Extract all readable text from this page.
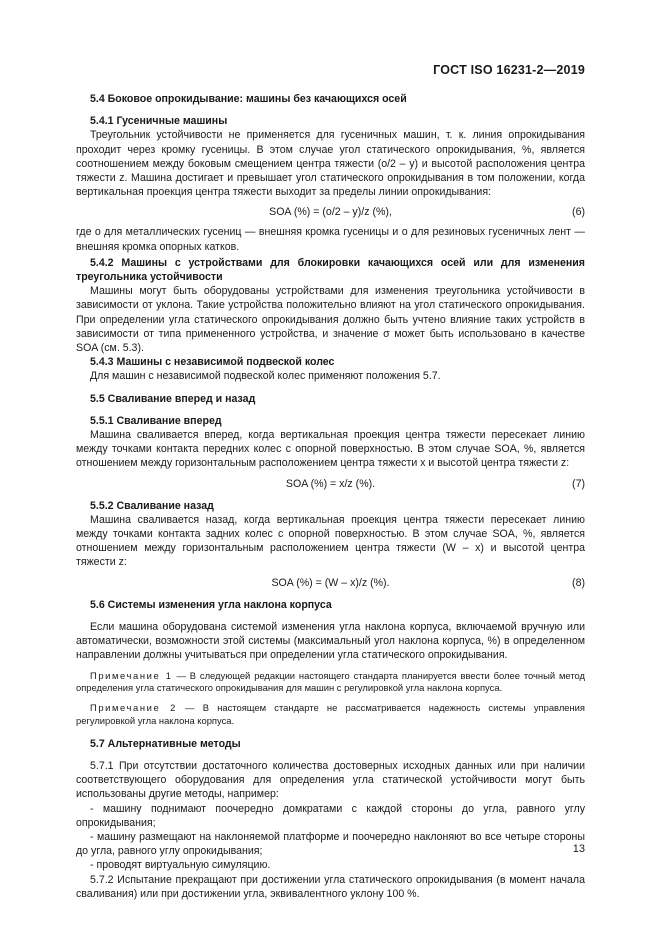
ГОСТ ISO 16231-2—2019

5.4 Боковое опрокидывание: машины без качающихся осей

5.4.1 Гусеничные машины

Треугольник устойчивости не применяется для гусеничных машин, т. к. линия опрокидывания проходит через кромку гусеницы. В этом случае угол статического опрокидывания, %, является соотношением между боковым смещением центра тяжести (o/2 – y) и высотой расположения центра тяжести z. Машина достигает и превышает угол статического опрокидывания в том положении, когда вертикальная проекция центра тяжести выходит за пределы линии опрокидывания:

SOA (%) = (o/2 – y)/z (%),	(6)

где o для металлических гусениц — внешняя кромка гусеницы и o для резиновых гусеничных лент — внешняя кромка опорных катков.

5.4.2 Машины с устройствами для блокировки качающихся осей или для изменения треугольника устойчивости

Машины могут быть оборудованы устройствами для изменения треугольника устойчивости в зависимости от уклона. Такие устройства положительно влияют на угол статического опрокидывания. При определении угла статического опрокидывания должно быть учтено влияние таких устройств в зависимости от типа примененного устройства, и значение σ может быть использовано в качестве SOA (см. 5.3).

5.4.3 Машины с независимой подвеской колес

Для машин с независимой подвеской колес применяют положения 5.7.

5.5 Сваливание вперед и назад

5.5.1 Сваливание вперед

Машина сваливается вперед, когда вертикальная проекция центра тяжести пересекает линию между точками контакта передних колес с опорной поверхностью. В этом случае SOA, %, является отношением между горизонтальным расположением центра тяжести x и высотой центра тяжести z:

SOA (%) = x/z (%).	(7)

5.5.2 Сваливание назад

Машина сваливается назад, когда вертикальная проекция центра тяжести пересекает линию между точками контакта задних колес с опорной поверхностью. В этом случае SOA, %, является отношением между горизонтальным расположением центра тяжести (W – x) и высотой центра тяжести z:

SOA (%) = (W – x)/z (%).	(8)

5.6 Системы изменения угла наклона корпуса

Если машина оборудована системой изменения угла наклона корпуса, включаемой вручную или автоматически, возможности этой системы (максимальный угол наклона корпуса, %) в определенном направлении должны учитываться при определении угла статического опрокидывания.

Примечание 1 — В следующей редакции настоящего стандарта планируется ввести более точный метод определения угла статического опрокидывания для машин с регулировкой угла наклона корпуса.

Примечание 2 — В настоящем стандарте не рассматривается надежность системы управления регулировкой угла наклона корпуса.

5.7 Альтернативные методы

5.7.1 При отсутствии достаточного количества достоверных исходных данных или при наличии соответствующего оборудования для определения угла статической устойчивости могут быть использованы другие методы, например:

- машину поднимают поочередно домкратами с каждой стороны до угла, равного углу опрокидывания;

- машину размещают на наклоняемой платформе и поочередно наклоняют во все четыре стороны до угла, равного углу опрокидывания;

- проводят виртуальную симуляцию.

5.7.2 Испытание прекращают при достижении угла статического опрокидывания (в момент начала сваливания) или при достижении угла, эквивалентного уклону 100 %.

13
